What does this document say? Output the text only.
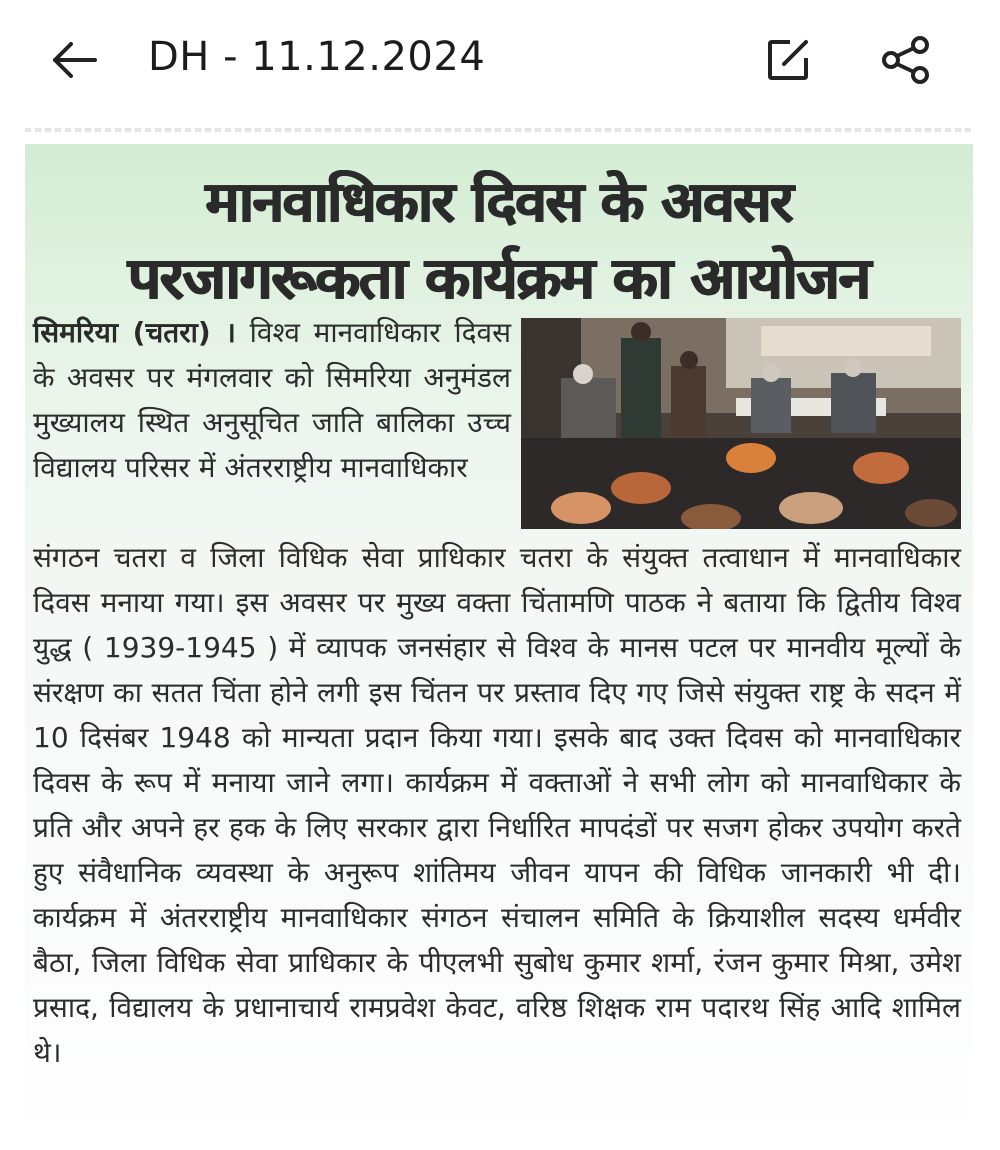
DH - 11.12.2024
मानवाधिकार दिवस के अवसर
परजागरूकता कार्यक्रम का आयोजन
सिमरिया (चतरा) । विश्व मानवाधिकार दिवस के अवसर पर मंगलवार को सिमरिया अनुमंडल मुख्यालय स्थित अनुसूचित जाति बालिका उच्च विद्यालय परिसर में अंतरराष्ट्रीय मानवाधिकार
संगठन चतरा व जिला विधिक सेवा प्राधिकार चतरा के संयुक्त तत्वाधान में मानवाधिकार दिवस मनाया गया। इस अवसर पर मुख्य वक्ता चिंतामणि पाठक ने बताया कि द्वितीय विश्व युद्ध ( 1939-1945 ) में व्यापक जनसंहार से विश्व के मानस पटल पर मानवीय मूल्यों के संरक्षण का सतत चिंता होने लगी इस चिंतन पर प्रस्ताव दिए गए जिसे संयुक्त राष्ट्र के सदन में 10 दिसंबर 1948 को मान्यता प्रदान किया गया। इसके बाद उक्त दिवस को मानवाधिकार दिवस के रूप में मनाया जाने लगा। कार्यक्रम में वक्ताओं ने सभी लोग को मानवाधिकार के प्रति और अपने हर हक के लिए सरकार द्वारा निर्धारित मापदंडों पर सजग होकर उपयोग करते हुए संवैधानिक व्यवस्था के अनुरूप शांतिमय जीवन यापन की विधिक जानकारी भी दी। कार्यक्रम में अंतरराष्ट्रीय मानवाधिकार संगठन संचालन समिति के क्रियाशील सदस्य धर्मवीर बैठा, जिला विधिक सेवा प्राधिकार के पीएलभी सुबोध कुमार शर्मा, रंजन कुमार मिश्रा, उमेश प्रसाद, विद्यालय के प्रधानाचार्य रामप्रवेश केवट, वरिष्ठ शिक्षक राम पदारथ सिंह आदि शामिल थे।
